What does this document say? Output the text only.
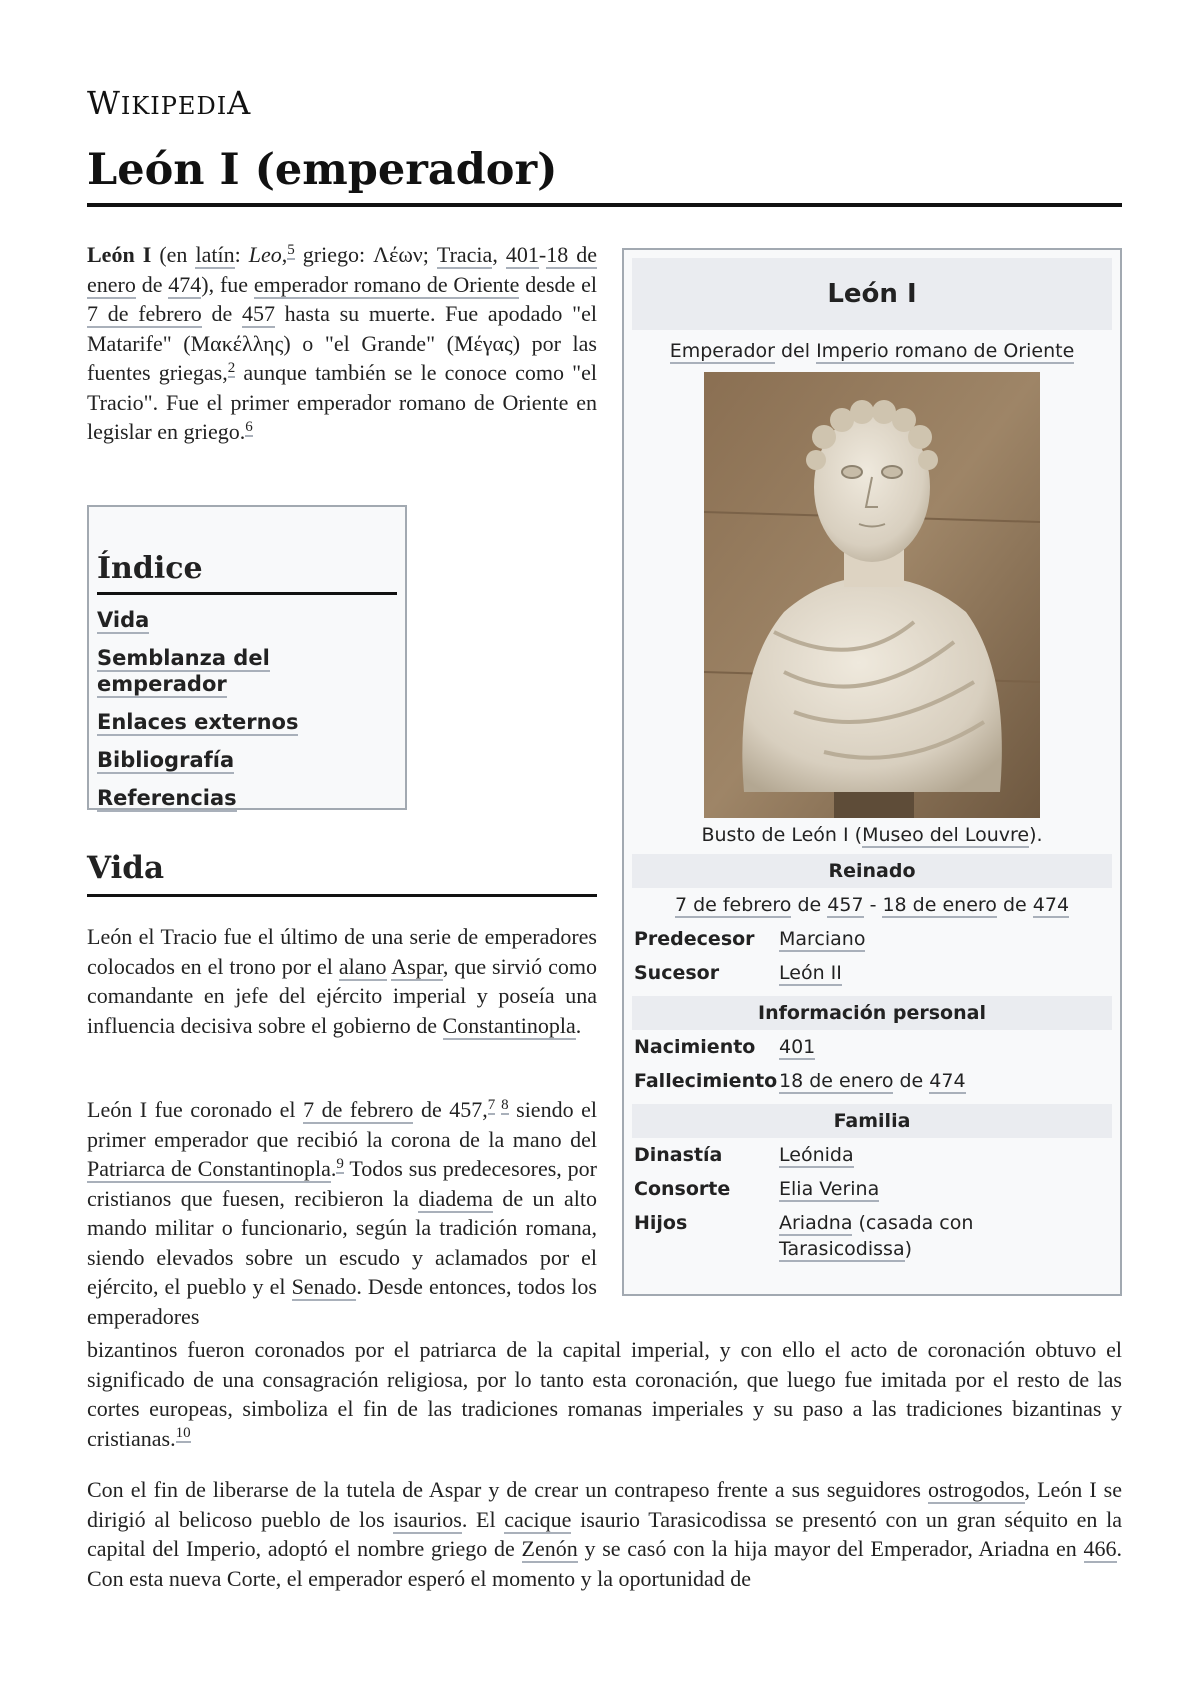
WIKIPEDIA
León I (emperador)

León I (en latín: Leo,$^5$ griego: Λέων; Tracia, 401-18 de enero de 474), fue emperador romano de Oriente desde el 7 de febrero de 457 hasta su muerte. Fue apodado "el Matarife" (Μακέλλης) o "el Grande" (Μέγας) por las fuentes griegas,$^2$ aunque también se le conoce como "el Tracio". Fue el primer emperador romano de Oriente en legislar en griego.$^6$

Índice
Vida
Semblanza del emperador
Enlaces externos
Bibliografía
Referencias
Vida

León el Tracio fue el último de una serie de emperadores colocados en el trono por el alano Aspar, que sirvió como comandante en jefe del ejército imperial y poseía una influencia decisiva sobre el gobierno de Constantinopla.

León I fue coronado el 7 de febrero de 457,$^{7 8}$ siendo el primer emperador que recibió la corona de la mano del Patriarca de Constantinopla.$^9$ Todos sus predecesores, por cristianos que fuesen, recibieron la diadema de un alto mando militar o funcionario, según la tradición romana, siendo elevados sobre un escudo y aclamados por el ejército, el pueblo y el Senado. Desde entonces, todos los emperadores

bizantinos fueron coronados por el patriarca de la capital imperial, y con ello el acto de coronación obtuvo el significado de una consagración religiosa, por lo tanto esta coronación, que luego fue imitada por el resto de las cortes europeas, simboliza el fin de las tradiciones romanas imperiales y su paso a las tradiciones bizantinas y cristianas.$^{10}$

Con el fin de liberarse de la tutela de Aspar y de crear un contrapeso frente a sus seguidores ostrogodos, León I se dirigió al belicoso pueblo de los isaurios. El cacique isaurio Tarasicodissa se presentó con un gran séquito en la capital del Imperio, adoptó el nombre griego de Zenón y se casó con la hija mayor del Emperador, Ariadna en 466. Con esta nueva Corte, el emperador esperó el momento y la oportunidad de

León I
Emperador del Imperio romano de Oriente
Busto de León I (Museo del Louvre).
Reinado
7 de febrero de 457 - 18 de enero de 474
Predecesor	Marciano
Sucesor	León II
Información personal
Nacimiento	401
Fallecimiento 18 de enero de 474
Familia
Dinastía	Leónida
Consorte	Elia Verina
Hijos	Ariadna (casada con
Tarasicodissa)
